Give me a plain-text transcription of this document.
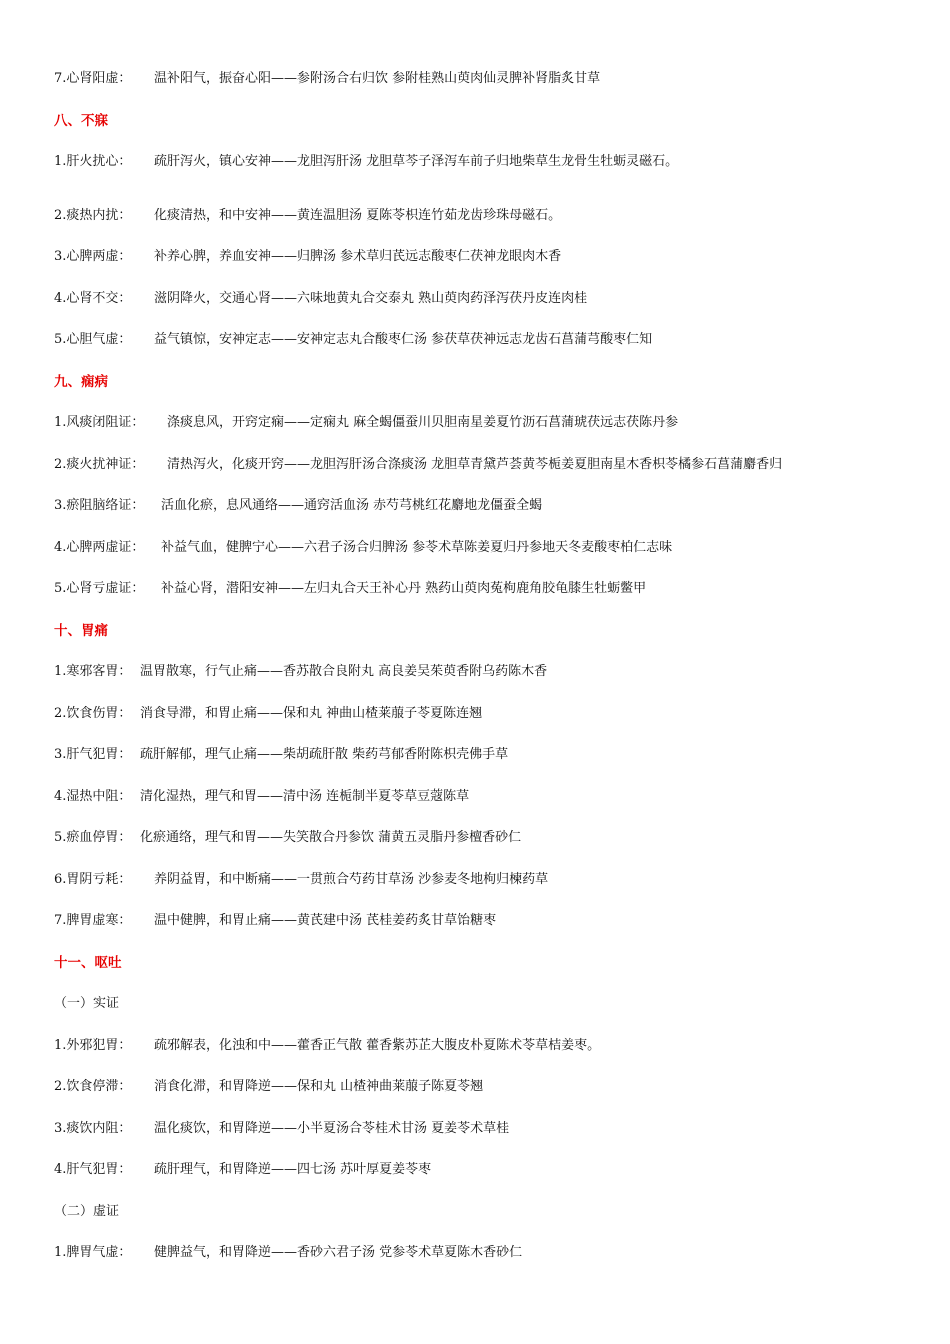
7.心肾阳虚： 温补阳气，振奋心阳——参附汤合右归饮 参附桂熟山萸肉仙灵脾补肾脂炙甘草
八、不寐
1.肝火扰心： 疏肝泻火，镇心安神——龙胆泻肝汤 龙胆草芩子泽泻车前子归地柴草生龙骨生牡蛎灵磁石。
2.痰热内扰： 化痰清热，和中安神——黄连温胆汤 夏陈苓枳连竹茹龙齿珍珠母磁石。
3.心脾两虚： 补养心脾，养血安神——归脾汤 参术草归芪远志酸枣仁茯神龙眼肉木香
4.心肾不交： 滋阴降火，交通心肾——六味地黄丸合交泰丸 熟山萸肉药泽泻茯丹皮连肉桂
5.心胆气虚： 益气镇惊，安神定志——安神定志丸合酸枣仁汤 参茯草茯神远志龙齿石菖蒲芎酸枣仁知
九、痫病
1.风痰闭阻证： 涤痰息风，开窍定痫——定痫丸 麻全蝎僵蚕川贝胆南星姜夏竹沥石菖蒲琥茯远志茯陈丹参
2.痰火扰神证： 清热泻火，化痰开窍——龙胆泻肝汤合涤痰汤 龙胆草青黛芦荟黄芩栀姜夏胆南星木香枳苓橘参石菖蒲麝香归
3.瘀阻脑络证： 活血化瘀，息风通络——通窍活血汤 赤芍芎桃红花麝地龙僵蚕全蝎
4.心脾两虚证： 补益气血，健脾宁心——六君子汤合归脾汤 参苓术草陈姜夏归丹参地天冬麦酸枣柏仁志味
5.心肾亏虚证： 补益心肾，潜阳安神——左归丸合天王补心丹 熟药山萸肉菟枸鹿角胶龟膝生牡蛎鳖甲
十、胃痛
1.寒邪客胃： 温胃散寒，行气止痛——香苏散合良附丸 高良姜吴茱萸香附乌药陈木香
2.饮食伤胃： 消食导滞，和胃止痛——保和丸 神曲山楂莱菔子苓夏陈连翘
3.肝气犯胃： 疏肝解郁，理气止痛——柴胡疏肝散 柴药芎郁香附陈枳壳佛手草
4.湿热中阻： 清化湿热，理气和胃——清中汤 连栀制半夏苓草豆蔻陈草
5.瘀血停胃： 化瘀通络，理气和胃——失笑散合丹参饮 蒲黄五灵脂丹参檀香砂仁
6.胃阴亏耗： 养阴益胃，和中断痛——一贯煎合芍药甘草汤 沙参麦冬地枸归楝药草
7.脾胃虚寒： 温中健脾，和胃止痛——黄芪建中汤 芪桂姜药炙甘草饴糖枣
十一、呕吐
（一）实证
1.外邪犯胃： 疏邪解表，化浊和中——藿香正气散 藿香紫苏芷大腹皮朴夏陈术苓草桔姜枣。
2.饮食停滞： 消食化滞，和胃降逆——保和丸 山楂神曲莱菔子陈夏苓翘
3.痰饮内阻： 温化痰饮，和胃降逆——小半夏汤合苓桂术甘汤 夏姜苓术草桂
4.肝气犯胃： 疏肝理气，和胃降逆——四七汤 苏叶厚夏姜苓枣
（二）虚证
1.脾胃气虚： 健脾益气，和胃降逆——香砂六君子汤 党参苓术草夏陈木香砂仁
